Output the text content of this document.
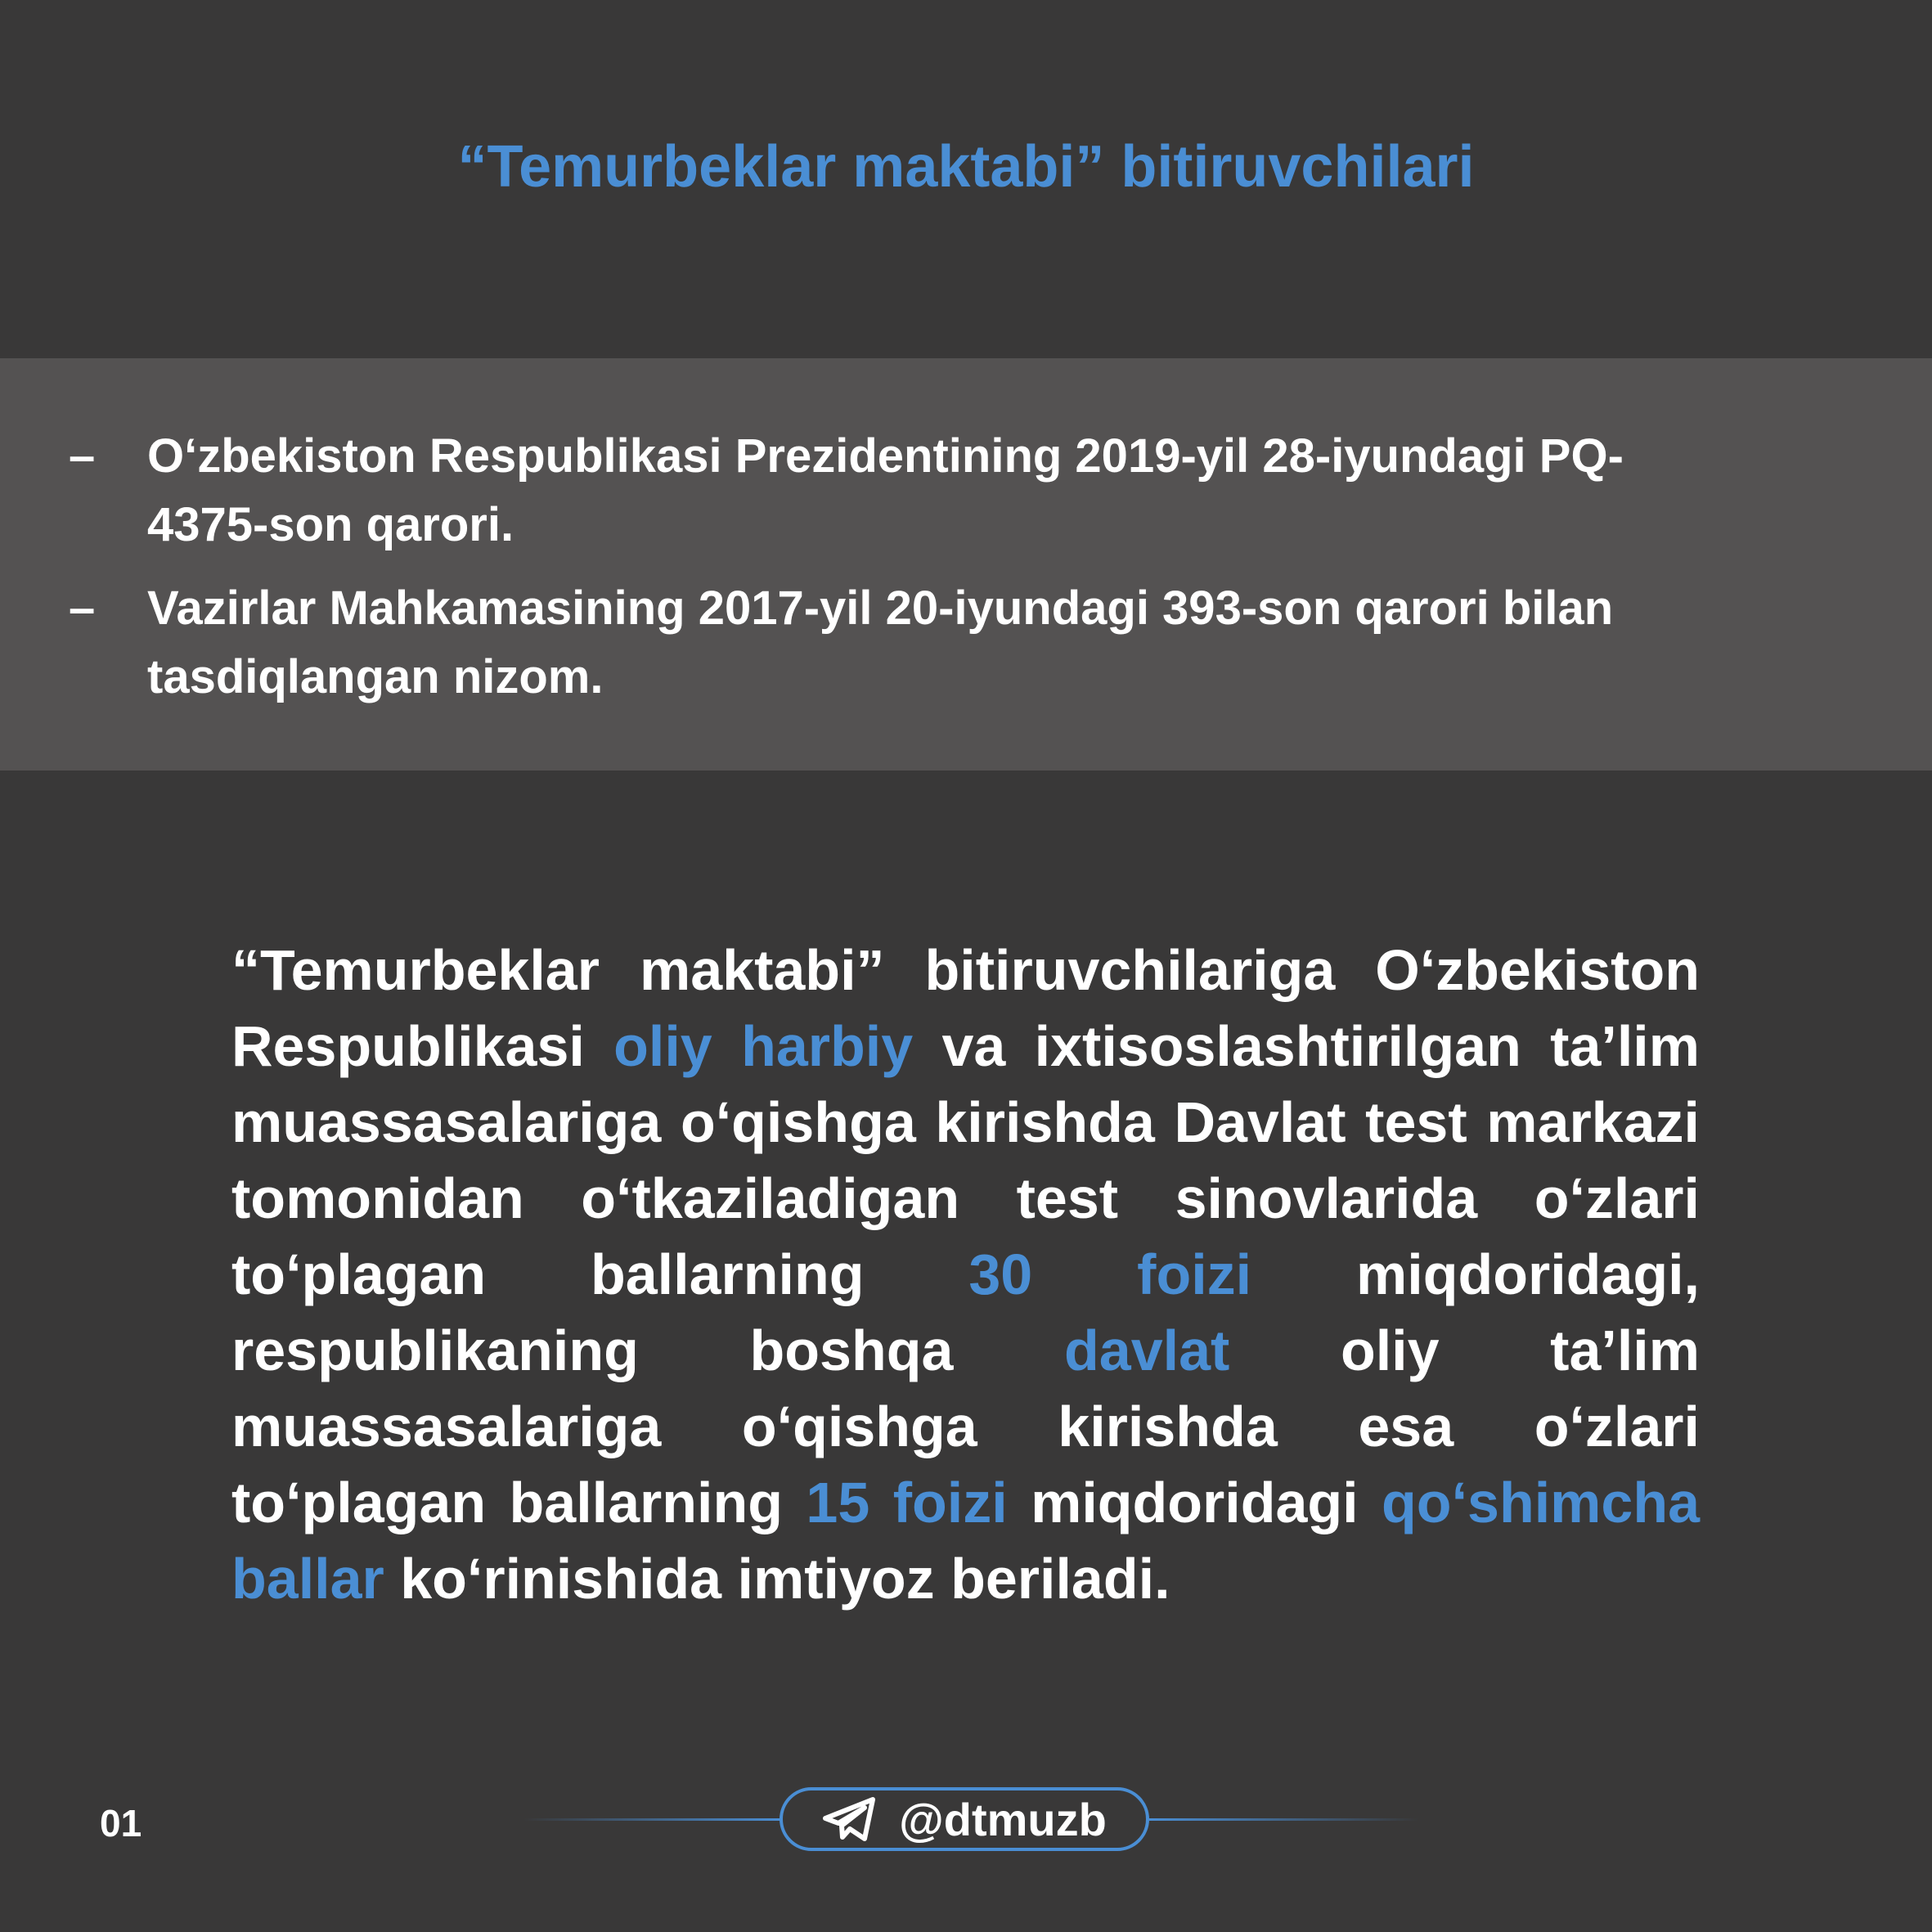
“Temurbeklar maktabi” bitiruvchilari
– O‘zbekiston Respublikasi Prezidentining 2019-yil 28-iyundagi PQ-4375-son qarori.
– Vazirlar Mahkamasining 2017-yil 20-iyundagi 393-son qarori bilan tasdiqlangan nizom.
“Temurbeklar maktabi” bitiruvchilariga O‘zbekiston Respublikasi oliy harbiy va ixtisoslashtirilgan ta’lim muassasalariga o‘qishga kirishda Davlat test markazi tomonidan o‘tkaziladigan test sinovlarida o‘zlari to‘plagan ballarning 30 foizi miqdoridagi, respublikaning boshqa davlat oliy ta’lim muassasalariga o‘qishga kirishda esa o‘zlari to‘plagan ballarning 15 foizi miqdoridagi qo‘shimcha ballar ko‘rinishida imtiyoz beriladi.
01	@dtmuzb
